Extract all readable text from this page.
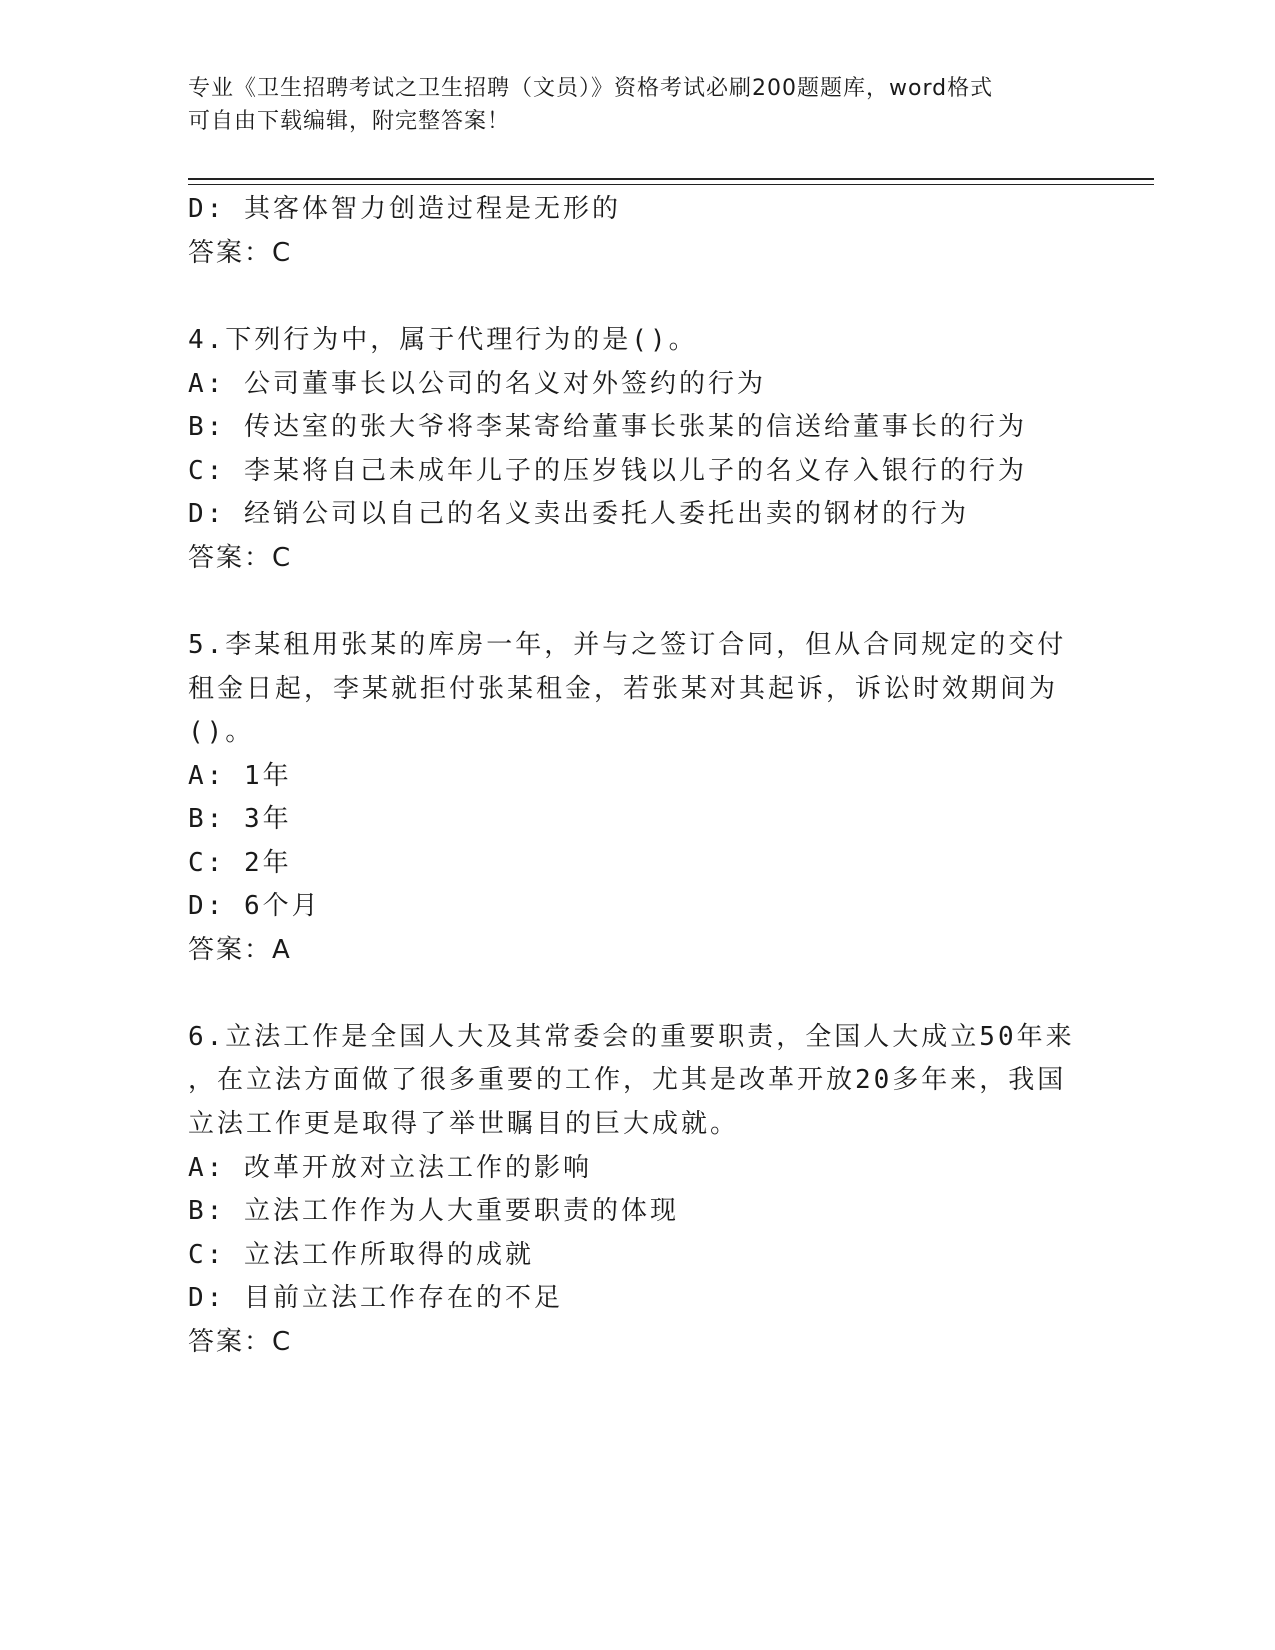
专业《卫生招聘考试之卫生招聘（文员）》资格考试必刷200题题库，word格式
可自由下载编辑，附完整答案！
D: 其客体智力创造过程是无形的
答案：C
4.下列行为中，属于代理行为的是()。
A: 公司董事长以公司的名义对外签约的行为
B: 传达室的张大爷将李某寄给董事长张某的信送给董事长的行为
C: 李某将自己未成年儿子的压岁钱以儿子的名义存入银行的行为
D: 经销公司以自己的名义卖出委托人委托出卖的钢材的行为
答案：C
5.李某租用张某的库房一年，并与之签订合同，但从合同规定的交付
租金日起，李某就拒付张某租金，若张某对其起诉，诉讼时效期间为
()。
A: 1年
B: 3年
C: 2年
D: 6个月
答案：A
6.立法工作是全国人大及其常委会的重要职责，全国人大成立50年来
，在立法方面做了很多重要的工作，尤其是改革开放20多年来，我国
立法工作更是取得了举世瞩目的巨大成就。
A: 改革开放对立法工作的影响
B: 立法工作作为人大重要职责的体现
C: 立法工作所取得的成就
D: 目前立法工作存在的不足
答案：C
